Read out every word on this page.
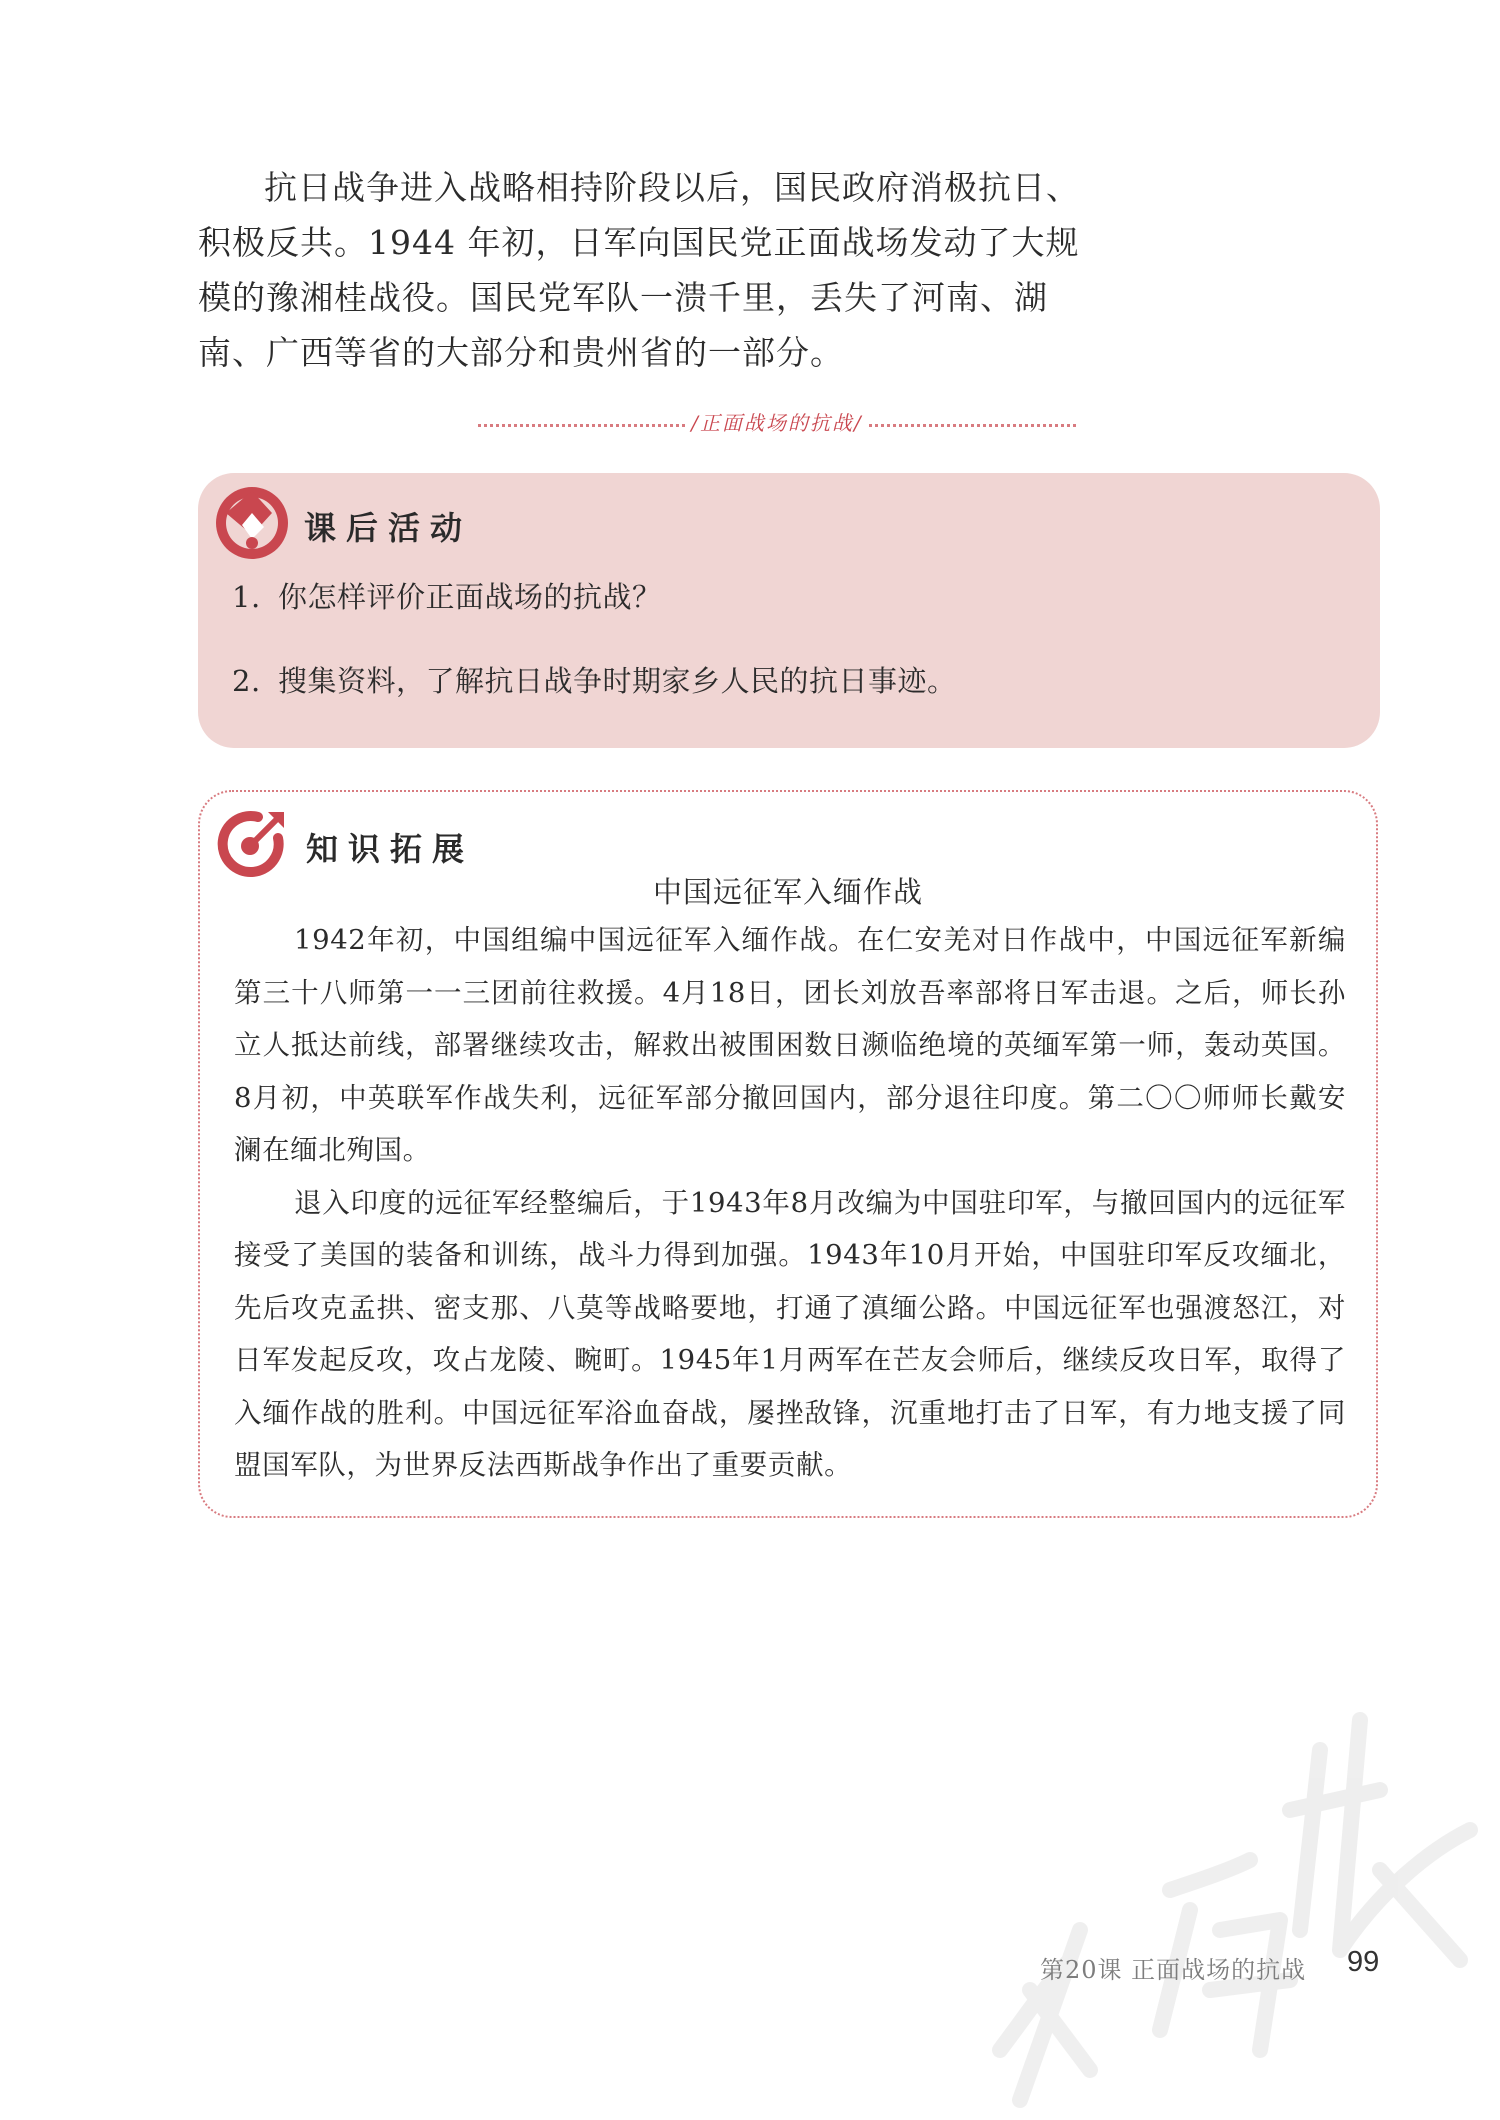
抗日战争进入战略相持阶段以后，国民政府消极抗日、积极反共。1944 年初，日军向国民党正面战场发动了大规模的豫湘桂战役。国民党军队一溃千里，丢失了河南、湖南、广西等省的大部分和贵州省的一部分。

/正面战场的抗战/
课后活动
1. 你怎样评价正面战场的抗战？
2. 搜集资料，了解抗日战争时期家乡人民的抗日事迹。
知识拓展
中国远征军入缅作战

1942年初，中国组编中国远征军入缅作战。在仁安羌对日作战中，中国远征军新编第三十八师第一一三团前往救援。4月18日，团长刘放吾率部将日军击退。之后，师长孙立人抵达前线，部署继续攻击，解救出被围困数日濒临绝境的英缅军第一师，轰动英国。8月初，中英联军作战失利，远征军部分撤回国内，部分退往印度。第二〇〇师师长戴安澜在缅北殉国。

退入印度的远征军经整编后，于1943年8月改编为中国驻印军，与撤回国内的远征军接受了美国的装备和训练，战斗力得到加强。1943年10月开始，中国驻印军反攻缅北，先后攻克孟拱、密支那、八莫等战略要地，打通了滇缅公路。中国远征军也强渡怒江，对日军发起反攻，攻占龙陵、畹町。1945年1月两军在芒友会师后，继续反攻日军，取得了入缅作战的胜利。中国远征军浴血奋战，屡挫敌锋，沉重地打击了日军，有力地支援了同盟国军队，为世界反法西斯战争作出了重要贡献。

第20课 正面战场的抗战 99
